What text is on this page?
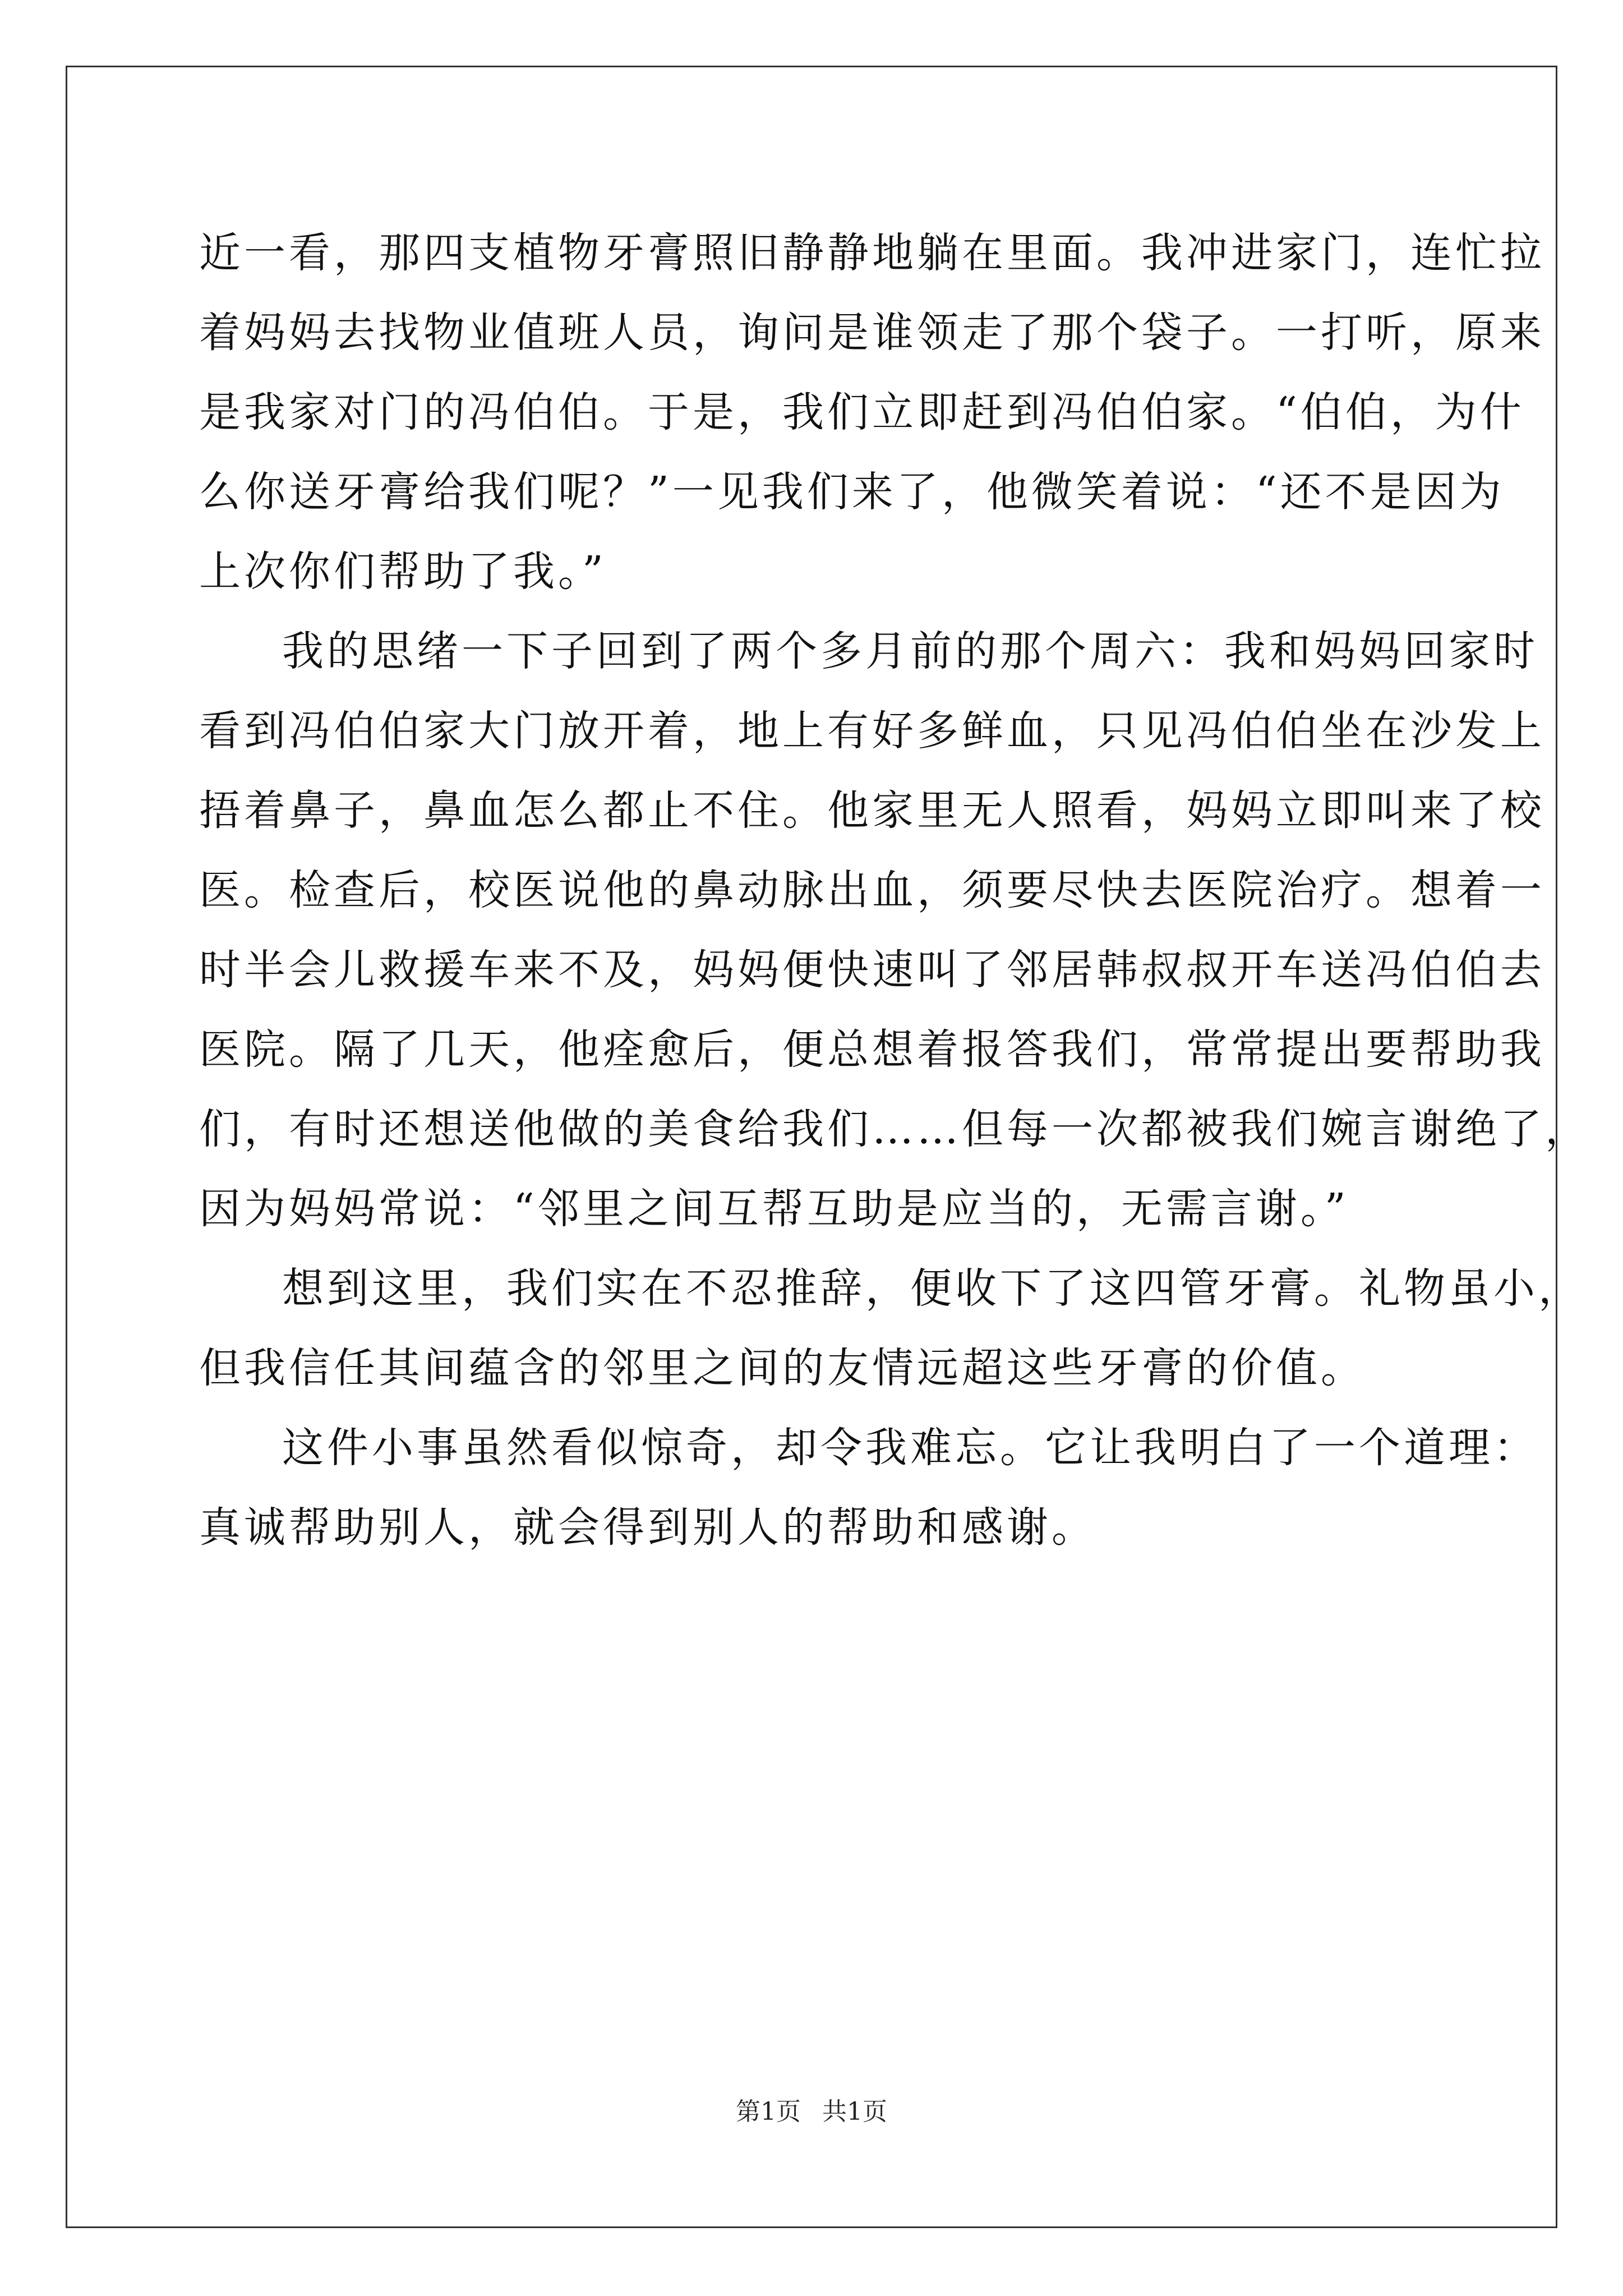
近一看，那四支植物牙膏照旧静静地躺在里面。我冲进家门，连忙拉
着妈妈去找物业值班人员，询问是谁领走了那个袋子。一打听，原来
是我家对门的冯伯伯。于是，我们立即赶到冯伯伯家。“伯伯，为什
么你送牙膏给我们呢？”一见我们来了，他微笑着说：“还不是因为
上次你们帮助了我。”
我的思绪一下子回到了两个多月前的那个周六：我和妈妈回家时
看到冯伯伯家大门放开着，地上有好多鲜血，只见冯伯伯坐在沙发上
捂着鼻子，鼻血怎么都止不住。他家里无人照看，妈妈立即叫来了校
医。检查后，校医说他的鼻动脉出血，须要尽快去医院治疗。想着一
时半会儿救援车来不及，妈妈便快速叫了邻居韩叔叔开车送冯伯伯去
医院。隔了几天，他痊愈后，便总想着报答我们，常常提出要帮助我
们，有时还想送他做的美食给我们……但每一次都被我们婉言谢绝了，
因为妈妈常说：“邻里之间互帮互助是应当的，无需言谢。”
想到这里，我们实在不忍推辞，便收下了这四管牙膏。礼物虽小，
但我信任其间蕴含的邻里之间的友情远超这些牙膏的价值。
这件小事虽然看似惊奇，却令我难忘。它让我明白了一个道理：
真诚帮助别人，就会得到别人的帮助和感谢。
第1页 共1页
